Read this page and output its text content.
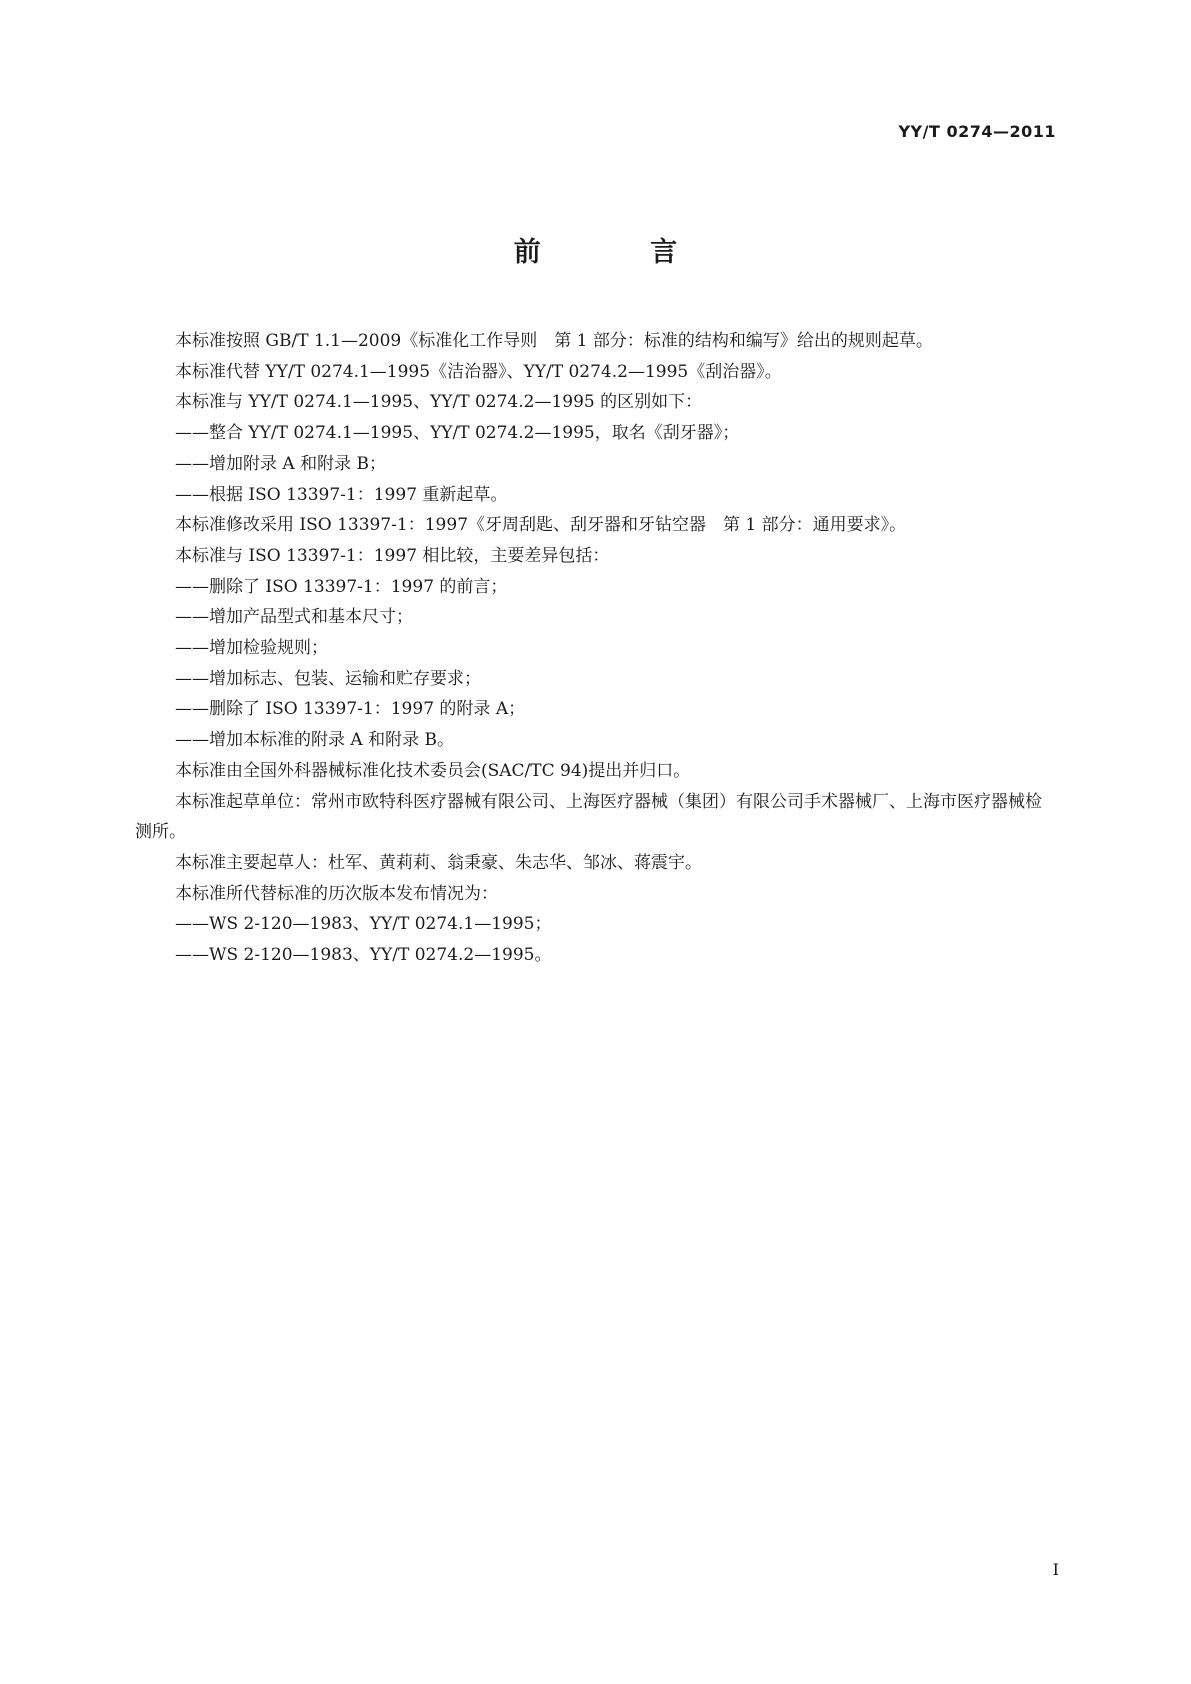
YY/T 0274—2011
前 言

本标准按照 GB/T 1.1—2009《标准化工作导则　第 1 部分：标准的结构和编写》给出的规则起草。

本标准代替 YY/T 0274.1—1995《洁治器》、YY/T 0274.2—1995《刮治器》。

本标准与 YY/T 0274.1—1995、YY/T 0274.2—1995 的区别如下：

——整合 YY/T 0274.1—1995、YY/T 0274.2—1995，取名《刮牙器》；

——增加附录 A 和附录 B；

——根据 ISO 13397-1：1997 重新起草。

本标准修改采用 ISO 13397-1：1997《牙周刮匙、刮牙器和牙钻空器　第 1 部分：通用要求》。

本标准与 ISO 13397-1：1997 相比较，主要差异包括：

——删除了 ISO 13397-1：1997 的前言；

——增加产品型式和基本尺寸；

——增加检验规则；

——增加标志、包装、运输和贮存要求；

——删除了 ISO 13397-1：1997 的附录 A；

——增加本标准的附录 A 和附录 B。

本标准由全国外科器械标准化技术委员会(SAC/TC 94)提出并归口。

本标准起草单位：常州市欧特科医疗器械有限公司、上海医疗器械（集团）有限公司手术器械厂、上海市医疗器械检测所。

本标准主要起草人：杜军、黄莉莉、翁秉豪、朱志华、邹冰、蒋震宇。

本标准所代替标准的历次版本发布情况为：

——WS 2-120—1983、YY/T 0274.1—1995；

——WS 2-120—1983、YY/T 0274.2—1995。

I
